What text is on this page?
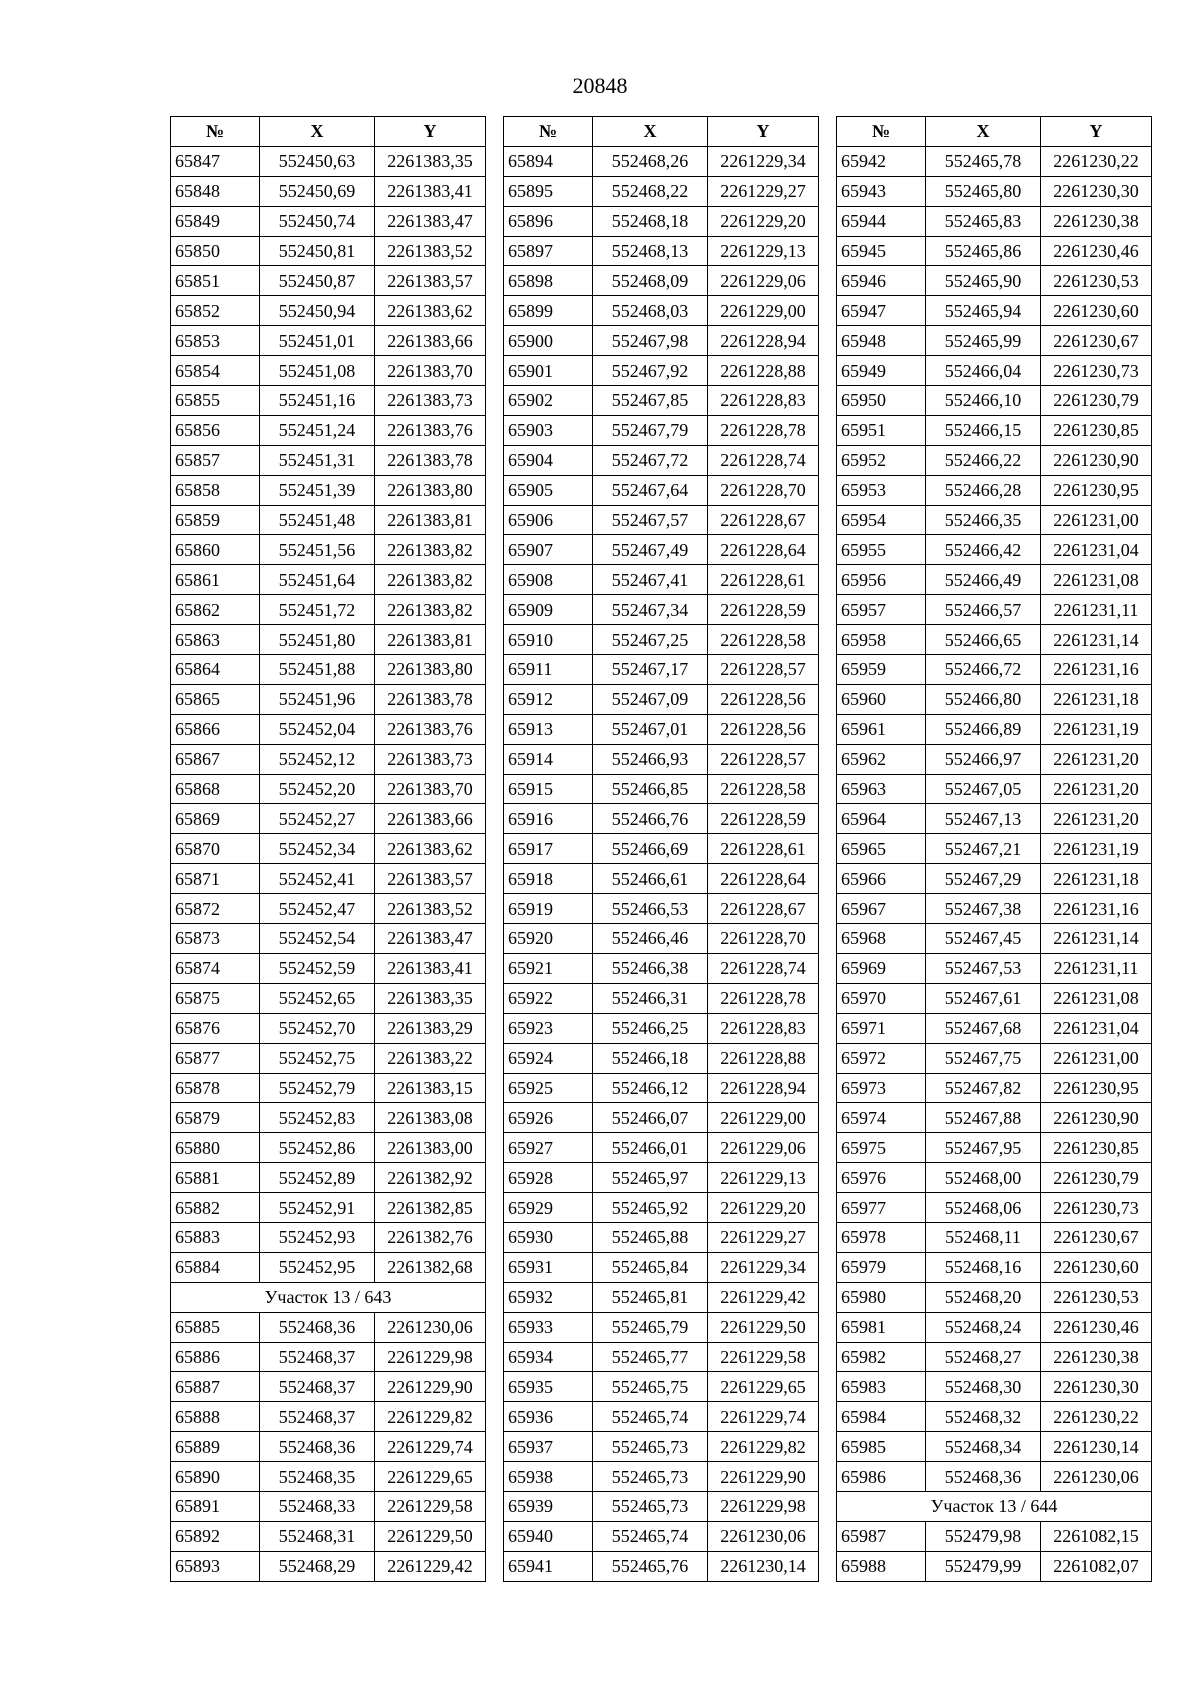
20848
№	X	Y
65847	552450,63	2261383,35
65848	552450,69	2261383,41
65849	552450,74	2261383,47
65850	552450,81	2261383,52
65851	552450,87	2261383,57
65852	552450,94	2261383,62
65853	552451,01	2261383,66
65854	552451,08	2261383,70
65855	552451,16	2261383,73
65856	552451,24	2261383,76
65857	552451,31	2261383,78
65858	552451,39	2261383,80
65859	552451,48	2261383,81
65860	552451,56	2261383,82
65861	552451,64	2261383,82
65862	552451,72	2261383,82
65863	552451,80	2261383,81
65864	552451,88	2261383,80
65865	552451,96	2261383,78
65866	552452,04	2261383,76
65867	552452,12	2261383,73
65868	552452,20	2261383,70
65869	552452,27	2261383,66
65870	552452,34	2261383,62
65871	552452,41	2261383,57
65872	552452,47	2261383,52
65873	552452,54	2261383,47
65874	552452,59	2261383,41
65875	552452,65	2261383,35
65876	552452,70	2261383,29
65877	552452,75	2261383,22
65878	552452,79	2261383,15
65879	552452,83	2261383,08
65880	552452,86	2261383,00
65881	552452,89	2261382,92
65882	552452,91	2261382,85
65883	552452,93	2261382,76
65884	552452,95	2261382,68
Участок 13 / 643		
65885	552468,36	2261230,06
65886	552468,37	2261229,98
65887	552468,37	2261229,90
65888	552468,37	2261229,82
65889	552468,36	2261229,74
65890	552468,35	2261229,65
65891	552468,33	2261229,58
65892	552468,31	2261229,50
65893	552468,29	2261229,42
№	X	Y
65894	552468,26	2261229,34
65895	552468,22	2261229,27
65896	552468,18	2261229,20
65897	552468,13	2261229,13
65898	552468,09	2261229,06
65899	552468,03	2261229,00
65900	552467,98	2261228,94
65901	552467,92	2261228,88
65902	552467,85	2261228,83
65903	552467,79	2261228,78
65904	552467,72	2261228,74
65905	552467,64	2261228,70
65906	552467,57	2261228,67
65907	552467,49	2261228,64
65908	552467,41	2261228,61
65909	552467,34	2261228,59
65910	552467,25	2261228,58
65911	552467,17	2261228,57
65912	552467,09	2261228,56
65913	552467,01	2261228,56
65914	552466,93	2261228,57
65915	552466,85	2261228,58
65916	552466,76	2261228,59
65917	552466,69	2261228,61
65918	552466,61	2261228,64
65919	552466,53	2261228,67
65920	552466,46	2261228,70
65921	552466,38	2261228,74
65922	552466,31	2261228,78
65923	552466,25	2261228,83
65924	552466,18	2261228,88
65925	552466,12	2261228,94
65926	552466,07	2261229,00
65927	552466,01	2261229,06
65928	552465,97	2261229,13
65929	552465,92	2261229,20
65930	552465,88	2261229,27
65931	552465,84	2261229,34
65932	552465,81	2261229,42
65933	552465,79	2261229,50
65934	552465,77	2261229,58
65935	552465,75	2261229,65
65936	552465,74	2261229,74
65937	552465,73	2261229,82
65938	552465,73	2261229,90
65939	552465,73	2261229,98
65940	552465,74	2261230,06
65941	552465,76	2261230,14
№	X	Y
65942	552465,78	2261230,22
65943	552465,80	2261230,30
65944	552465,83	2261230,38
65945	552465,86	2261230,46
65946	552465,90	2261230,53
65947	552465,94	2261230,60
65948	552465,99	2261230,67
65949	552466,04	2261230,73
65950	552466,10	2261230,79
65951	552466,15	2261230,85
65952	552466,22	2261230,90
65953	552466,28	2261230,95
65954	552466,35	2261231,00
65955	552466,42	2261231,04
65956	552466,49	2261231,08
65957	552466,57	2261231,11
65958	552466,65	2261231,14
65959	552466,72	2261231,16
65960	552466,80	2261231,18
65961	552466,89	2261231,19
65962	552466,97	2261231,20
65963	552467,05	2261231,20
65964	552467,13	2261231,20
65965	552467,21	2261231,19
65966	552467,29	2261231,18
65967	552467,38	2261231,16
65968	552467,45	2261231,14
65969	552467,53	2261231,11
65970	552467,61	2261231,08
65971	552467,68	2261231,04
65972	552467,75	2261231,00
65973	552467,82	2261230,95
65974	552467,88	2261230,90
65975	552467,95	2261230,85
65976	552468,00	2261230,79
65977	552468,06	2261230,73
65978	552468,11	2261230,67
65979	552468,16	2261230,60
65980	552468,20	2261230,53
65981	552468,24	2261230,46
65982	552468,27	2261230,38
65983	552468,30	2261230,30
65984	552468,32	2261230,22
65985	552468,34	2261230,14
65986	552468,36	2261230,06
Участок 13 / 644		
65987	552479,98	2261082,15
65988	552479,99	2261082,07
